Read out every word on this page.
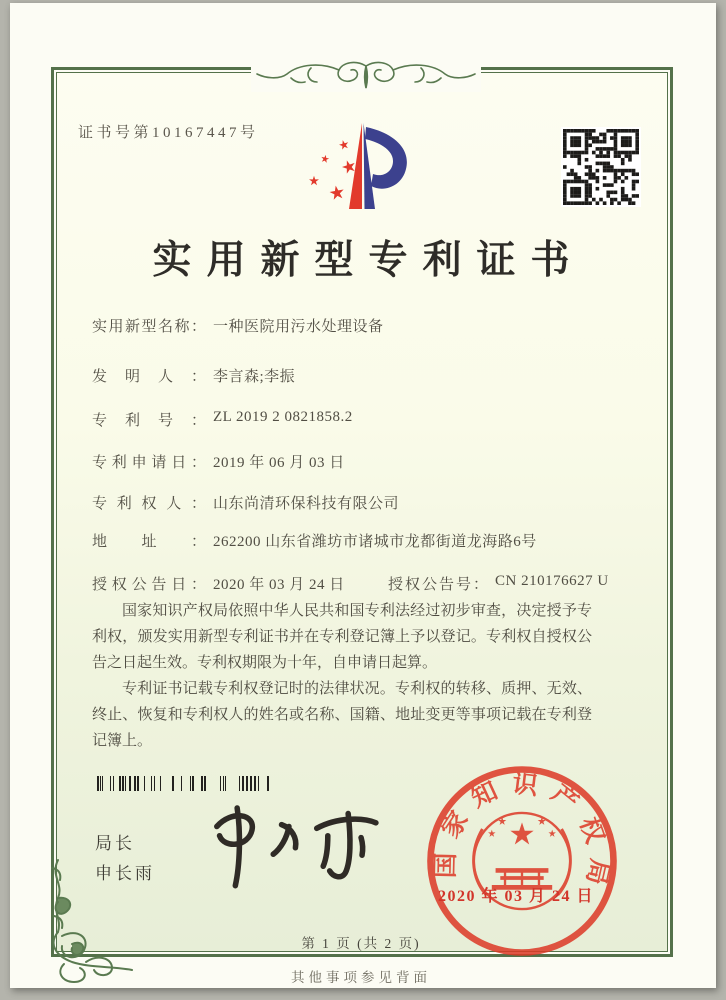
证书号第10167447号
实用新型专利证书
实用新型名称： 一种医院用污水处理设备
发明人： 李言森;李振
专利号： ZL 2019 2 0821858.2
专利申请日： 2019 年 06 月 03 日
专利权人： 山东尚清环保科技有限公司
地址： 262200 山东省潍坊市诸城市龙都街道龙海路6号
授权公告日： 2020 年 03 月 24 日	授权公告号： CN 210176627 U

国家知识产权局依照中华人民共和国专利法经过初步审查，决定授予专利权，颁发实用新型专利证书并在专利登记簿上予以登记。专利权自授权公告之日起生效。专利权期限为十年，自申请日起算。

专利证书记载专利权登记时的法律状况。专利权的转移、质押、无效、终止、恢复和专利权人的姓名或名称、国籍、地址变更等事项记载在专利登记簿上。

局长
申长雨	国家知识产权局
2020 年 03 月 24 日
第 1 页 (共 2 页)
其他事项参见背面
